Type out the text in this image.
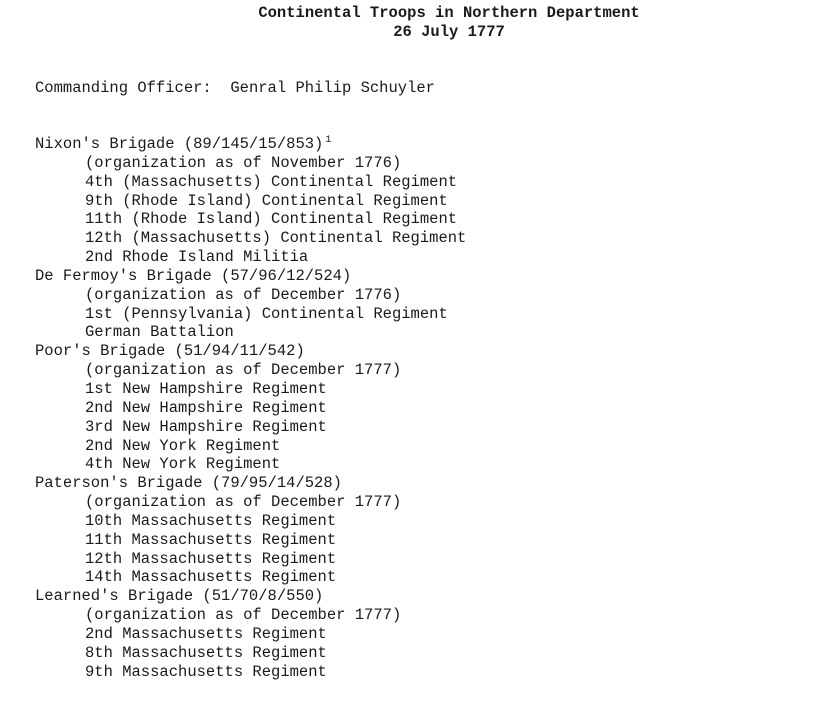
Continental Troops in Northern Department
26 July 1777
Commanding Officer: Genral Philip Schuyler
Nixon's Brigade (89/145/15/853) $^1$
(organization as of November 1776)
4th (Massachusetts) Continental Regiment
9th (Rhode Island) Continental Regiment
11th (Rhode Island) Continental Regiment
12th (Massachusetts) Continental Regiment
2nd Rhode Island Militia
De Fermoy's Brigade (57/96/12/524)
(organization as of December 1776)
1st (Pennsylvania) Continental Regiment
German Battalion
Poor's Brigade (51/94/11/542)
(organization as of December 1777)
1st New Hampshire Regiment
2nd New Hampshire Regiment
3rd New Hampshire Regiment
2nd New York Regiment
4th New York Regiment
Paterson's Brigade (79/95/14/528)
(organization as of December 1777)
10th Massachusetts Regiment
11th Massachusetts Regiment
12th Massachusetts Regiment
14th Massachusetts Regiment
Learned's Brigade (51/70/8/550)
(organization as of December 1777)
2nd Massachusetts Regiment
8th Massachusetts Regiment
9th Massachusetts Regiment
